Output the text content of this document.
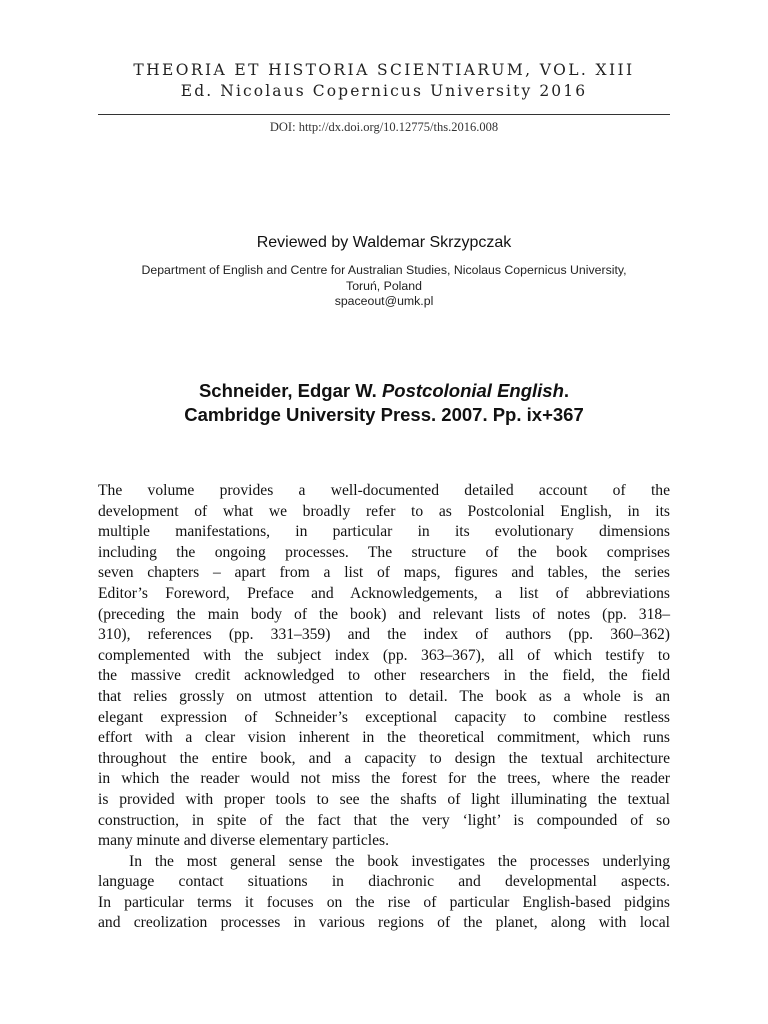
THEORIA ET HISTORIA SCIENTIARUM, VOL. XIII
Ed. Nicolaus Copernicus University 2016
DOI: http://dx.doi.org/10.12775/ths.2016.008
Reviewed by Waldemar Skrzypczak
Department of English and Centre for Australian Studies, Nicolaus Copernicus University,
Toruń, Poland
spaceout@umk.pl
Schneider, Edgar W. Postcolonial English.
Cambridge University Press. 2007. Pp. ix+367
The volume provides a well-documented detailed account of the
development of what we broadly refer to as Postcolonial English, in its
multiple manifestations, in particular in its evolutionary dimensions
including the ongoing processes. The structure of the book comprises
seven chapters – apart from a list of maps, figures and tables, the series
Editor’s Foreword, Preface and Acknowledgements, a list of abbreviations
(preceding the main body of the book) and relevant lists of notes (pp. 318–
310), references (pp. 331–359) and the index of authors (pp. 360–362)
complemented with the subject index (pp. 363–367), all of which testify to
the massive credit acknowledged to other researchers in the field, the field
that relies grossly on utmost attention to detail. The book as a whole is an
elegant expression of Schneider’s exceptional capacity to combine restless
effort with a clear vision inherent in the theoretical commitment, which runs
throughout the entire book, and a capacity to design the textual architecture
in which the reader would not miss the forest for the trees, where the reader
is provided with proper tools to see the shafts of light illuminating the textual
construction, in spite of the fact that the very ‘light’ is compounded of so
many minute and diverse elementary particles.
In the most general sense the book investigates the processes underlying
language contact situations in diachronic and developmental aspects.
In particular terms it focuses on the rise of particular English-based pidgins
and creolization processes in various regions of the planet, along with local
